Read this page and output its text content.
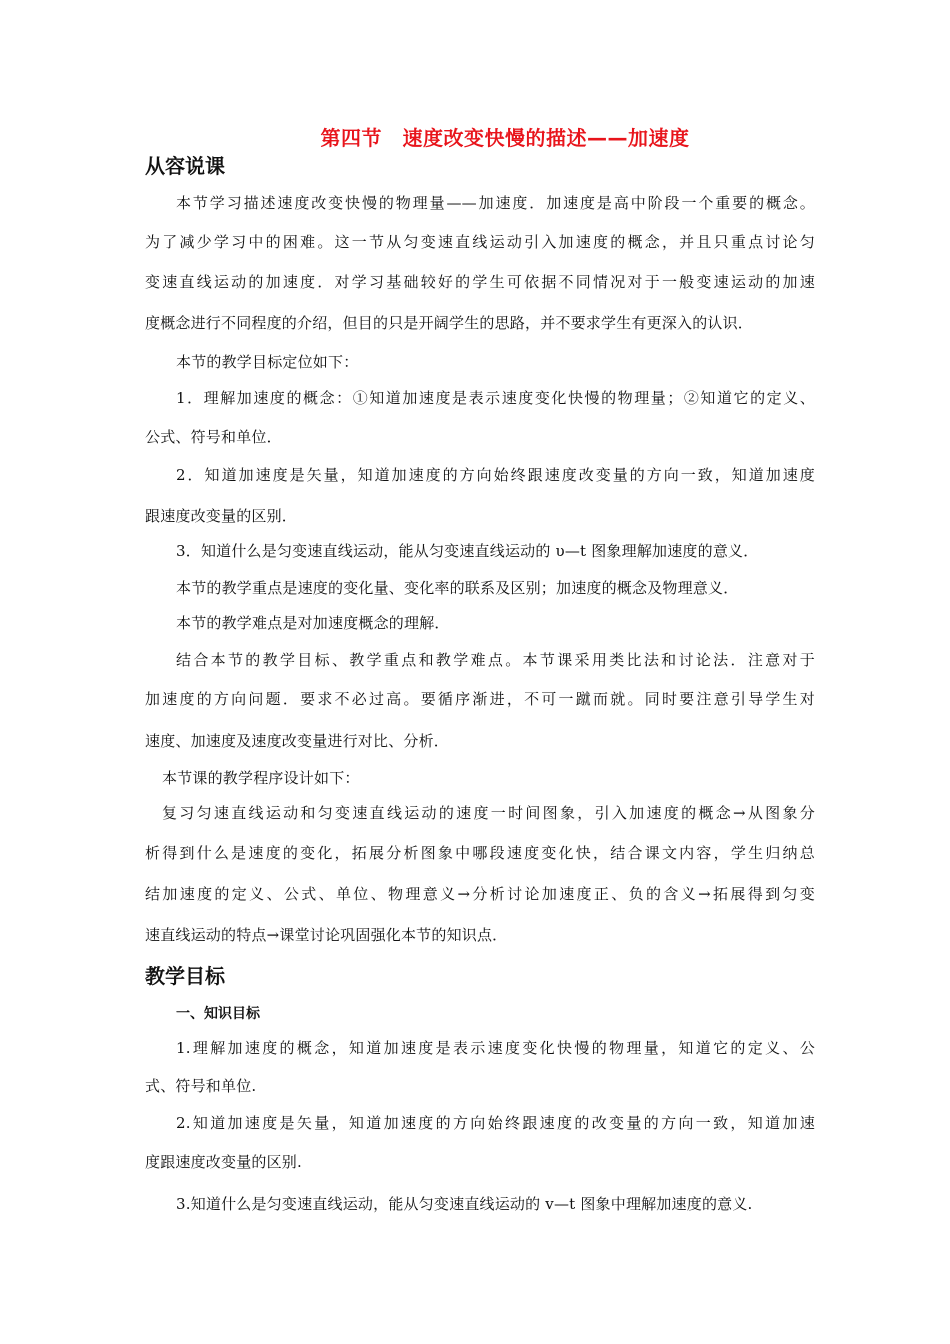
第四节　速度改变快慢的描述——加速度
从容说课
本节学习描述速度改变快慢的物理量——加速度．加速度是高中阶段一个重要的概念。
为了减少学习中的困难。这一节从匀变速直线运动引入加速度的概念，并且只重点讨论匀
变速直线运动的加速度．对学习基础较好的学生可依据不同情况对于一般变速运动的加速
度概念进行不同程度的介绍，但目的只是开阔学生的思路，并不要求学生有更深入的认识．
本节的教学目标定位如下：
1．理解加速度的概念：①知道加速度是表示速度变化快慢的物理量；②知道它的定义、
公式、符号和单位．
2．知道加速度是矢量，知道加速度的方向始终跟速度改变量的方向一致，知道加速度
跟速度改变量的区别．
3．知道什么是匀变速直线运动，能从匀变速直线运动的 υ—t 图象理解加速度的意义．
本节的教学重点是速度的变化量、变化率的联系及区别；加速度的概念及物理意义．
本节的教学难点是对加速度概念的理解．
结合本节的教学目标、教学重点和教学难点。本节课采用类比法和讨论法．注意对于
加速度的方向问题．要求不必过高。要循序渐进，不可一蹴而就。同时要注意引导学生对
速度、加速度及速度改变量进行对比、分析．
本节课的教学程序设计如下：
复习匀速直线运动和匀变速直线运动的速度一时间图象，引入加速度的概念→从图象分
析得到什么是速度的变化，拓展分析图象中哪段速度变化快，结合课文内容，学生归纳总
结加速度的定义、公式、单位、物理意义→分析讨论加速度正、负的含义→拓展得到匀变
速直线运动的特点→课堂讨论巩固强化本节的知识点．
教学目标
一、知识目标
1.理解加速度的概念，知道加速度是表示速度变化快慢的物理量，知道它的定义、公
式、符号和单位.
2.知道加速度是矢量，知道加速度的方向始终跟速度的改变量的方向一致，知道加速
度跟速度改变量的区别.
3.知道什么是匀变速直线运动，能从匀变速直线运动的 v—t 图象中理解加速度的意义.
